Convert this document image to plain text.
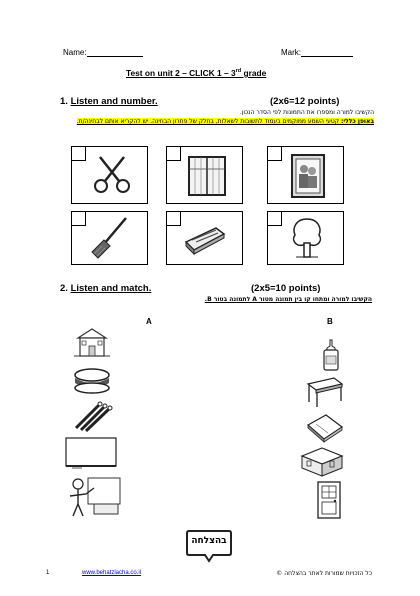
Name:	Mark:
Test on unit 2 – CLICK 1 – 3rd grade
1. Listen and number.	(2x6=12 points)
הקשיבו למורה ומספרו את התמונות לפי הסדר הנכון.
באופן כללי: קטעי השמע ממוקמים בעמוד לתשובות לשאלות, בחלק של פתרון הבחינה. יש להקריא אותם לבחינה/ת.
2. Listen and match.	(2x5=10 points)
הקשיבו למורה ומתחו קו בין תמונה מטור A לתמונה בטור B.
A	B
בהצלחה
1	www.behatzlacha.co.il	כל הזכויות שמורות לאתר בהצלחה ©
